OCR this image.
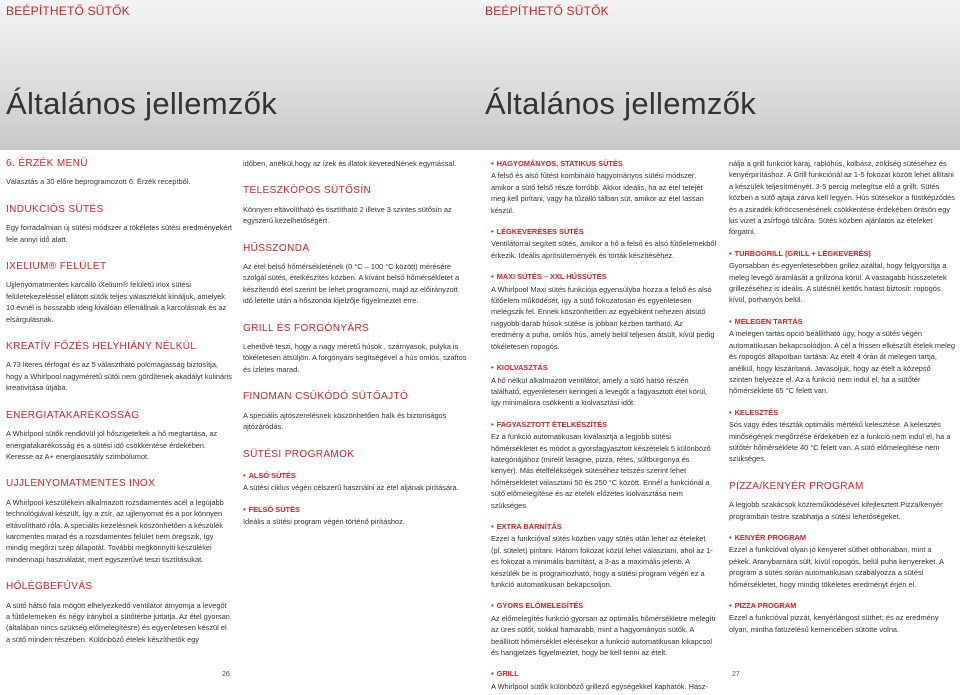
BEÉPÍTHETŐ SÜTŐK	BEÉPÍTHETŐ SÜTŐK
Általános jellemzők	Általános jellemzők
6. ÉRZÉK MENÜ

Választás a 30 előre beprogramozott 6. Érzék receptből.

INDUKCIÓS SÜTÉS

Egy forradalmian új sütési módszer a tökéletes sütési eredményekért fele annyi idő alatt.

IXELIUM® FELÜLET

Ujjlenyomatmentes karcálló iXelium® felületű inox sütési felületekezeléssel ellátott sütők teljes választékát kínáljuk, amelyek 10 évnél is hosszabb ideig kiválóan ellenállnak a karcolásnak és az elsárgulásnak.

KREATÍV FŐZÉS HELYHIÁNY NÉLKÜL

A 73 literes térfogat és az 5 választható polcmagasság biztosítja, hogy a Whirlpool nagyméretű sütői nem gördítenek akadályt kulináris kreativitása útjába.

ENERGIATAKARÉKOSSÁG

A Whirlpool sütők rendkívül jól hőszigeteltek a hő megtartása, az energiatakarékosság és a sütési idő csökkentése érdekében. Keresse az A+ energiaosztály szimbólumot.

UJJLENYOMATMENTES INOX

A Whirlpool készülékein alkalmazott rozsdamentes acél a legújabb technológiával készült, így a zsír, az ujjlenyomat és a por könnyen eltávolítható róla. A speciális kezelésnek köszönhetően a készülék karcmentes marad és a rozsdamentes felület nem öregszik, így mindig megőrzi szép állapotát. További megkönnyíti készülékei mindennapi használatát, mert egyszerűvé teszi tisztításukat.

HŐLÉGBEFÚVÁS

A sütő hátsó fala mögött elhelyezkedő ventilátor átnyomja a levegőt a fűtőelemeken és négy irányból a sütőtérbe juttatja. Az étel gyorsan (általában nincs szükség előmelegítésre) és egyenletesen készül el a sütő minden részében. Különböző ételek készíthetők egy

időben, anélkül,hogy az ízek és illatok keveredNének egymással.

TELESZKÓPOS SÜTŐSÍN

Könnyen eltávolítható és tisztítható 2 illetve 3 szintes sütősín az egyszerű kezelhetőségért.

HŰSSZONDA

Az étel belső hőmérsékletének (0 °C – 100 °C között) mérésére szolgál sütés, ételkészítés közben. A kívánt belső hőmérsékletet a készítendő étel szerint be lehet programozni, majd az előirányzott idő letelte után a hőszonda kijelzője figyelmeztet erre.

GRILL ÉS FORGÓNYÁRS

Lehetővé teszi, hogy a nagy méretű húsok , szárnyasok, pulyka is tökéletesen átsüljön. A forgónyárs segítségével a hús omlós, szaftos és ízletes marad.

FINOMAN CSÚKÓDÓ SÜTŐAJTÓ

A speciális ajtószerelésnek köszönhetően halk és biztonságos ajtózáródás.

SÜTÉSI PROGRAMOK
• ALSÓ SÜTÉS

A sütési ciklus végén célszerű használni az étel aljának pirítására.

• FELSŐ SÜTÉS

Ideális a sütési program végén történő pirításhoz.

• HAGYOMÁNYOS, STATIKUS SÜTÉS

A felső és alsó fűtést kombináló hagyományos sütési módszer, amikor a sütő felső része forróbb. Akkor ideális, ha az étel tetejét meg kell pirítani, vagy ha tűzálló tálban süt, amikor az étel lassan készül.

• LÉGKEVERÉSES SÜTÉS

Ventilátorral segített sütés, amikor a hő a felső és alsó fűtőelemekből érkezik. Ideális aprósüteményék és torták készítéséhez.

• MAXI SÜTÉS – XXL HÚSSÜTÉS

A Whirlpool Maxi sütés funkciója egyensúlyba hozza a felső és alsó fűtőelem működését, így a sütő fokozatosan és egyenletesen melegszik fel. Ennek köszönhetően az egyébként nehezen átsütő nagyobb darab húsok sütése is jobban kézben tartható. Az eredmény a puha, omlós hús, amely belül teljesen átsült, kívül pedig tökéletesen ropogós.

• KIOLVASZTÁS

A hő nélkül alkalmazott ventilátor, amely a sütő hátsó részén található, egyenletesen keringeti a levegőt a fagyasztott étel körül, így minimálisra csökkenti a kiolvasztási időt.

• FAGYASZTOTT ÉTELKÉSZÍTÉS

Ez a funkció automatikusan kiválasztja a legjobb sütési hőmérsékletet és módot a gyorsfagyasztott készételek 5 különböző kategóriájához (mirelit lasagne, pizza, rétes, sültburgonya és kenyér). Más ételfélékségek sütéséhez tetszés szerint lehet hőmérsékletet választani 50 és 250 °C között. Ennél a funkciónál a sütő előmelegítése és az ételek előzetes kiolvasztása nem szükséges.

• EXTRA BARNÍTÁS

Ezzel a funkcióval sütés közben vagy sütés után lehet az ételeket (pl. sütelet) pirítani. Három fokozat közül lehet választani, ahol az 1-es fokozat a minimális barnítást, a 3-as a maximális jelenti. A készülék be is programozható, hogy a sütési program végén ez a funkció automatikusan bekapcsoljon.

• GYORS ELŐMELEGÍTÉS

Az előmelegítés funkció gyorsan az optimális hőmérsékletre melegíti az üres sütőt, sokkal hamarabb, mint a hagyományos sütők. A beállított hőmérséklet elérésekor a funkció automatikusan kikapcsol és hangjelzés figyelmeztet, hogy be kell tenni az ételt.

• GRILL

A Whirlpool sütők különböző grillező egységekkel kaphatók. Hasz-

nálja a grill funkciót karaj, rablóhús, kolbász, zöldség sütéséhez és kenyérpirításhoz. A Grill funkciónál az 1-5 fokozat között lehet állítani a készülék teljesítményét. 3-5 percig melegítse elő a grillt. Sütés közben a sütő ajtaja zárva kell legyen. Hús sütésekor a füstképződés és a zsiradék kifröccsenésének csökkentése érdekében öntsön egy kis vizet a zsírfogó tálcára. Sütés közben ajánlatos az ételeket forgatni.

• TURBOGRILL (GRILL + LÉGKEVERÉS)

Gyorsabban és egyenletesebben grillez azáltal, hogy felgyorsítja a meleg levegő áramlását a grillzóna körül. A vastagabb hússzeletek grillezéséhez is ideális. A sütésnél kettős hatást biztosít: ropogós kívül, porhanyós belül.

• MELEGEN TARTÁS

A melegen tartás opció beállítható úgy, hogy a sütés végén automatikusan bekapcsolódjon. A cél a frissen elkészült ételek meleg és ropogós állapotban tartása. Az ételt 4 órán át melegen tartja, anélkül, hogy kiszárítaná. Javasoljuk, hogy az ételt a közepső szinten helyezze el. Az a funkció nem indul el, ha a sütőtér hőmérséklete 65 °C felett van.

• KELESZTÉS

Sós vagy édes tészták optimális mértékű kelesztése. A kelesztés minőségének megőrzése érdekében ez a funkció nem indul el, ha a sütőtér hőmérséklete 40 °C felett van. A sütő előmelegítése nem szükséges.

PIZZA/KENYÉR PROGRAM

A legjobb szakácsok közreműködésével kifejlesztett Pizza/kenyér programban testre szabhatja a sütési lehetőségeket.

• KENYÉR PROGRAM

Ezzel a funkcióval olyan jó kenyeret süthet otthonában, mint a pékek. Aranybarnára sült, kívül ropogós, belül puha kenyereket. A program a sütés során automatikusan szabályozza a sütési hőmérsékletet, hogy mindig tökéletes eredményt érjen el.

• PIZZA PROGRAM

Ezzel a funkcióval pizzát, kenyérlángost süthet; és az eredmény olyan, mintha fatüzelésű kemencében sütötte volna.

26	27
